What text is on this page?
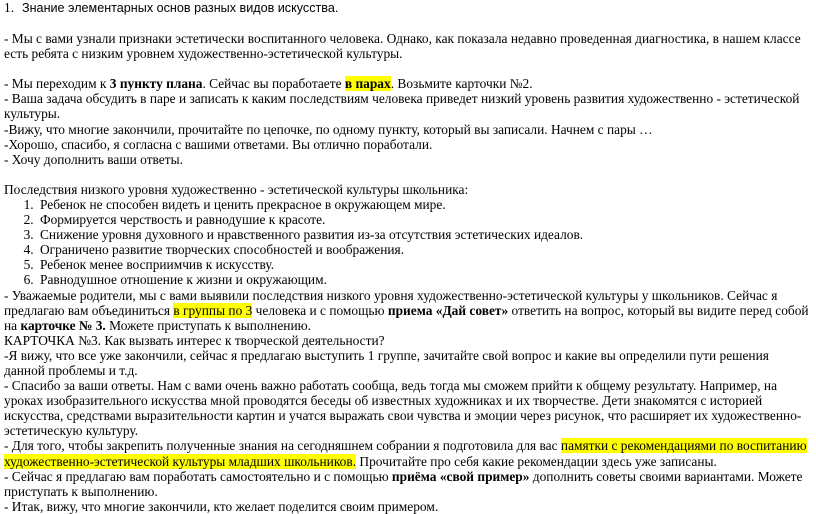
1. Знание элементарных основ разных видов искусства.

- Мы с вами узнали признаки эстетически воспитанного человека. Однако, как показала недавно проведенная диагностика, в нашем классе есть ребята с низким уровнем художественно-эстетической культуры.

- Мы переходим к 3 пункту плана. Сейчас вы поработаете в парах. Возьмите карточки №2.

- Ваша задача обсудить в паре и записать к каким последствиям человека приведет низкий уровень развития художественно - эстетической культуры.

-Вижу, что многие закончили, прочитайте по цепочке, по одному пункту, который вы записали. Начнем с пары …

-Хорошо, спасибо, я согласна с вашими ответами. Вы отлично поработали.

- Хочу дополнить ваши ответы.

Последствия низкого уровня художественно - эстетической культуры школьника:

1. Ребенок не способен видеть и ценить прекрасное в окружающем мире.
2. Формируется черствость и равнодушие к красоте.
3. Снижение уровня духовного и нравственного развития из-за отсутствия эстетических идеалов.
4. Ограничено развитие творческих способностей и воображения.
5. Ребенок менее восприимчив к искусству.
6. Равнодушное отношение к жизни и окружающим.

- Уважаемые родители, мы с вами выявили последствия низкого уровня художественно-эстетической культуры у школьников. Сейчас я предлагаю вам объединиться в группы по 3 человека и с помощью приема «Дай совет» ответить на вопрос, который вы видите перед собой на карточке № 3. Можете приступать к выполнению.

КАРТОЧКА №3. Как вызвать интерес к творческой деятельности?

-Я вижу, что все уже закончили, сейчас я предлагаю выступить 1 группе, зачитайте свой вопрос и какие вы определили пути решения данной проблемы и т.д.

- Спасибо за ваши ответы. Нам с вами очень важно работать сообща, ведь тогда мы сможем прийти к общему результату. Например, на уроках изобразительного искусства мной проводятся беседы об известных художниках и их творчестве. Дети знакомятся с историей искусства, средствами выразительности картин и учатся выражать свои чувства и эмоции через рисунок, что расширяет их художественно-эстетическую культуру.

- Для того, чтобы закрепить полученные знания на сегодняшнем собрании я подготовила для вас памятки с рекомендациями по воспитанию художественно-эстетической культуры младших школьников. Прочитайте про себя какие рекомендации здесь уже записаны.

- Сейчас я предлагаю вам поработать самостоятельно и с помощью приёма «свой пример» дополнить советы своими вариантами. Можете приступать к выполнению.

- Итак, вижу, что многие закончили, кто желает поделится своим примером.
